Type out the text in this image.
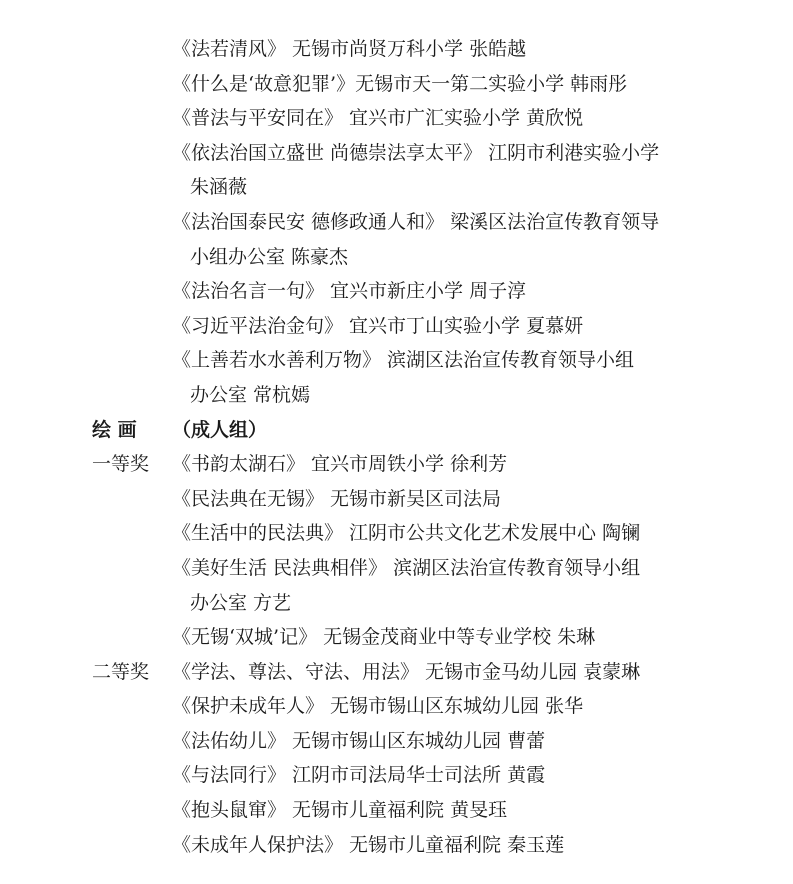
《法若清风》 无锡市尚贤万科小学 张皓越
《什么是‘故意犯罪’》无锡市天一第二实验小学 韩雨彤
《普法与平安同在》 宜兴市广汇实验小学 黄欣悦
《依法治国立盛世 尚德崇法享太平》 江阴市利港实验小学
朱涵薇
《法治国泰民安 德修政通人和》 梁溪区法治宣传教育领导
小组办公室 陈豪杰
《法治名言一句》 宜兴市新庄小学 周子淳
《习近平法治金句》 宜兴市丁山实验小学 夏慕妍
《上善若水水善利万物》 滨湖区法治宣传教育领导小组
办公室 常杭嫣
绘 画	（成人组）
一等奖	《书韵太湖石》 宜兴市周铁小学 徐利芳
《民法典在无锡》 无锡市新吴区司法局
《生活中的民法典》 江阴市公共文化艺术发展中心 陶镧
《美好生活 民法典相伴》 滨湖区法治宣传教育领导小组
办公室 方艺
《无锡‘双城’记》 无锡金茂商业中等专业学校 朱琳
二等奖	《学法、尊法、守法、用法》 无锡市金马幼儿园 袁蒙琳
《保护未成年人》 无锡市锡山区东城幼儿园 张华
《法佑幼儿》 无锡市锡山区东城幼儿园 曹蕾
《与法同行》 江阴市司法局华士司法所 黄霞
《抱头鼠窜》 无锡市儿童福利院 黄旻珏
《未成年人保护法》 无锡市儿童福利院 秦玉莲
